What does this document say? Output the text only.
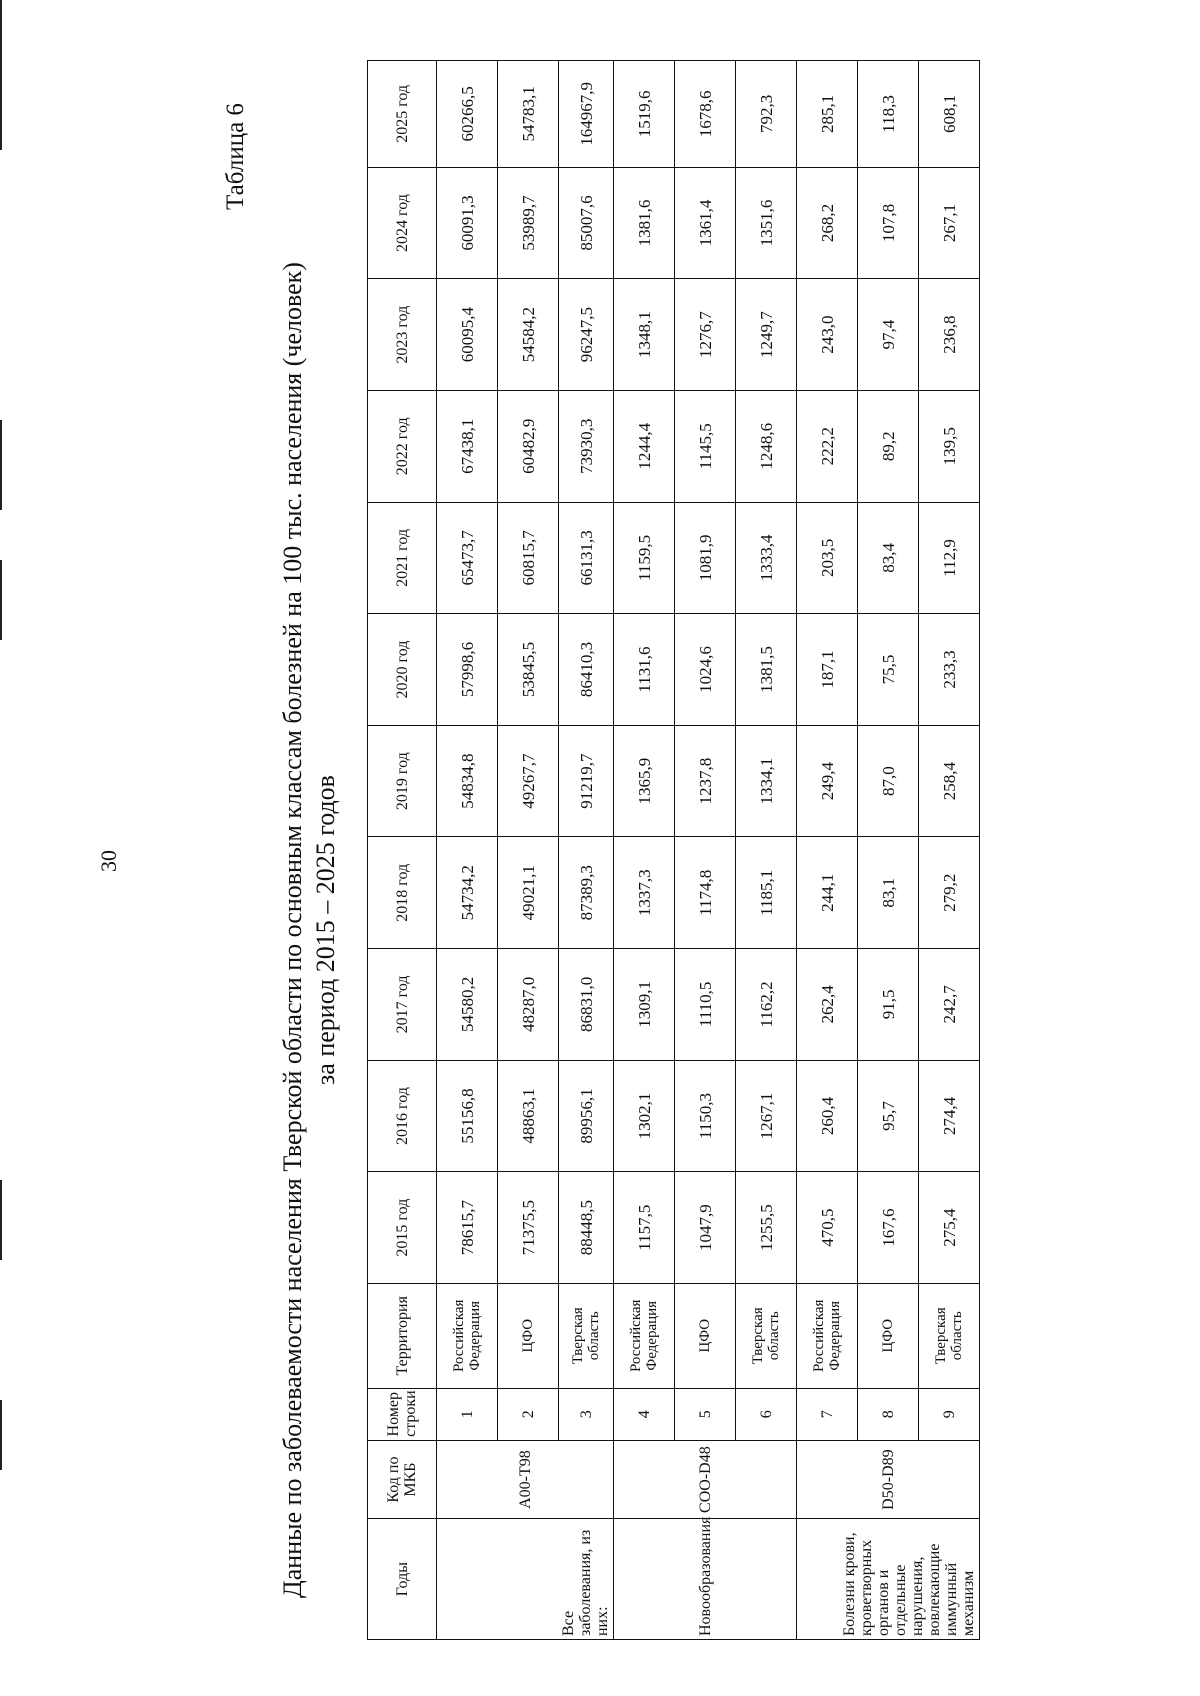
30
Таблица 6
Данные по заболеваемости населения Тверской области по основным классам болезней на 100 тыс. населения (человек) за период 2015 – 2025 годов
Годы	Код по МКБ	Номер строки	Территория	2015 год	2016 год	2017 год	2018 год	2019 год	2020 год	2021 год	2022 год	2023 год	2024 год	2025 год
Все заболевания, из них:	A00-T98	1	Российская Федерация	78615,7	55156,8	54580,2	54734,2	54834,8	57998,6	65473,7	67438,1	60095,4	60091,3	60266,5
		2	ЦФО	71375,5	48863,1	48287,0	49021,1	49267,7	53845,5	60815,7	60482,9	54584,2	53989,7	54783,1
		3	Тверская область	88448,5	89956,1	86831,0	87389,3	91219,7	86410,3	66131,3	73930,3	96247,5	85007,6	164967,9
Новообразования	COO-D48	4	Российская Федерация	1157,5	1302,1	1309,1	1337,3	1365,9	1131,6	1159,5	1244,4	1348,1	1381,6	1519,6
		5	ЦФО	1047,9	1150,3	1110,5	1174,8	1237,8	1024,6	1081,9	1145,5	1276,7	1361,4	1678,6
		6	Тверская область	1255,5	1267,1	1162,2	1185,1	1334,1	1381,5	1333,4	1248,6	1249,7	1351,6	792,3
Болезни крови, кроветворных органов и отдельные нарушения, вовлекающие иммунный механизм	D50-D89	7	Российская Федерация	470,5	260,4	262,4	244,1	249,4	187,1	203,5	222,2	243,0	268,2	285,1
		8	ЦФО	167,6	95,7	91,5	83,1	87,0	75,5	83,4	89,2	97,4	107,8	118,3
		9	Тверская область	275,4	274,4	242,7	279,2	258,4	233,3	112,9	139,5	236,8	267,1	608,1
